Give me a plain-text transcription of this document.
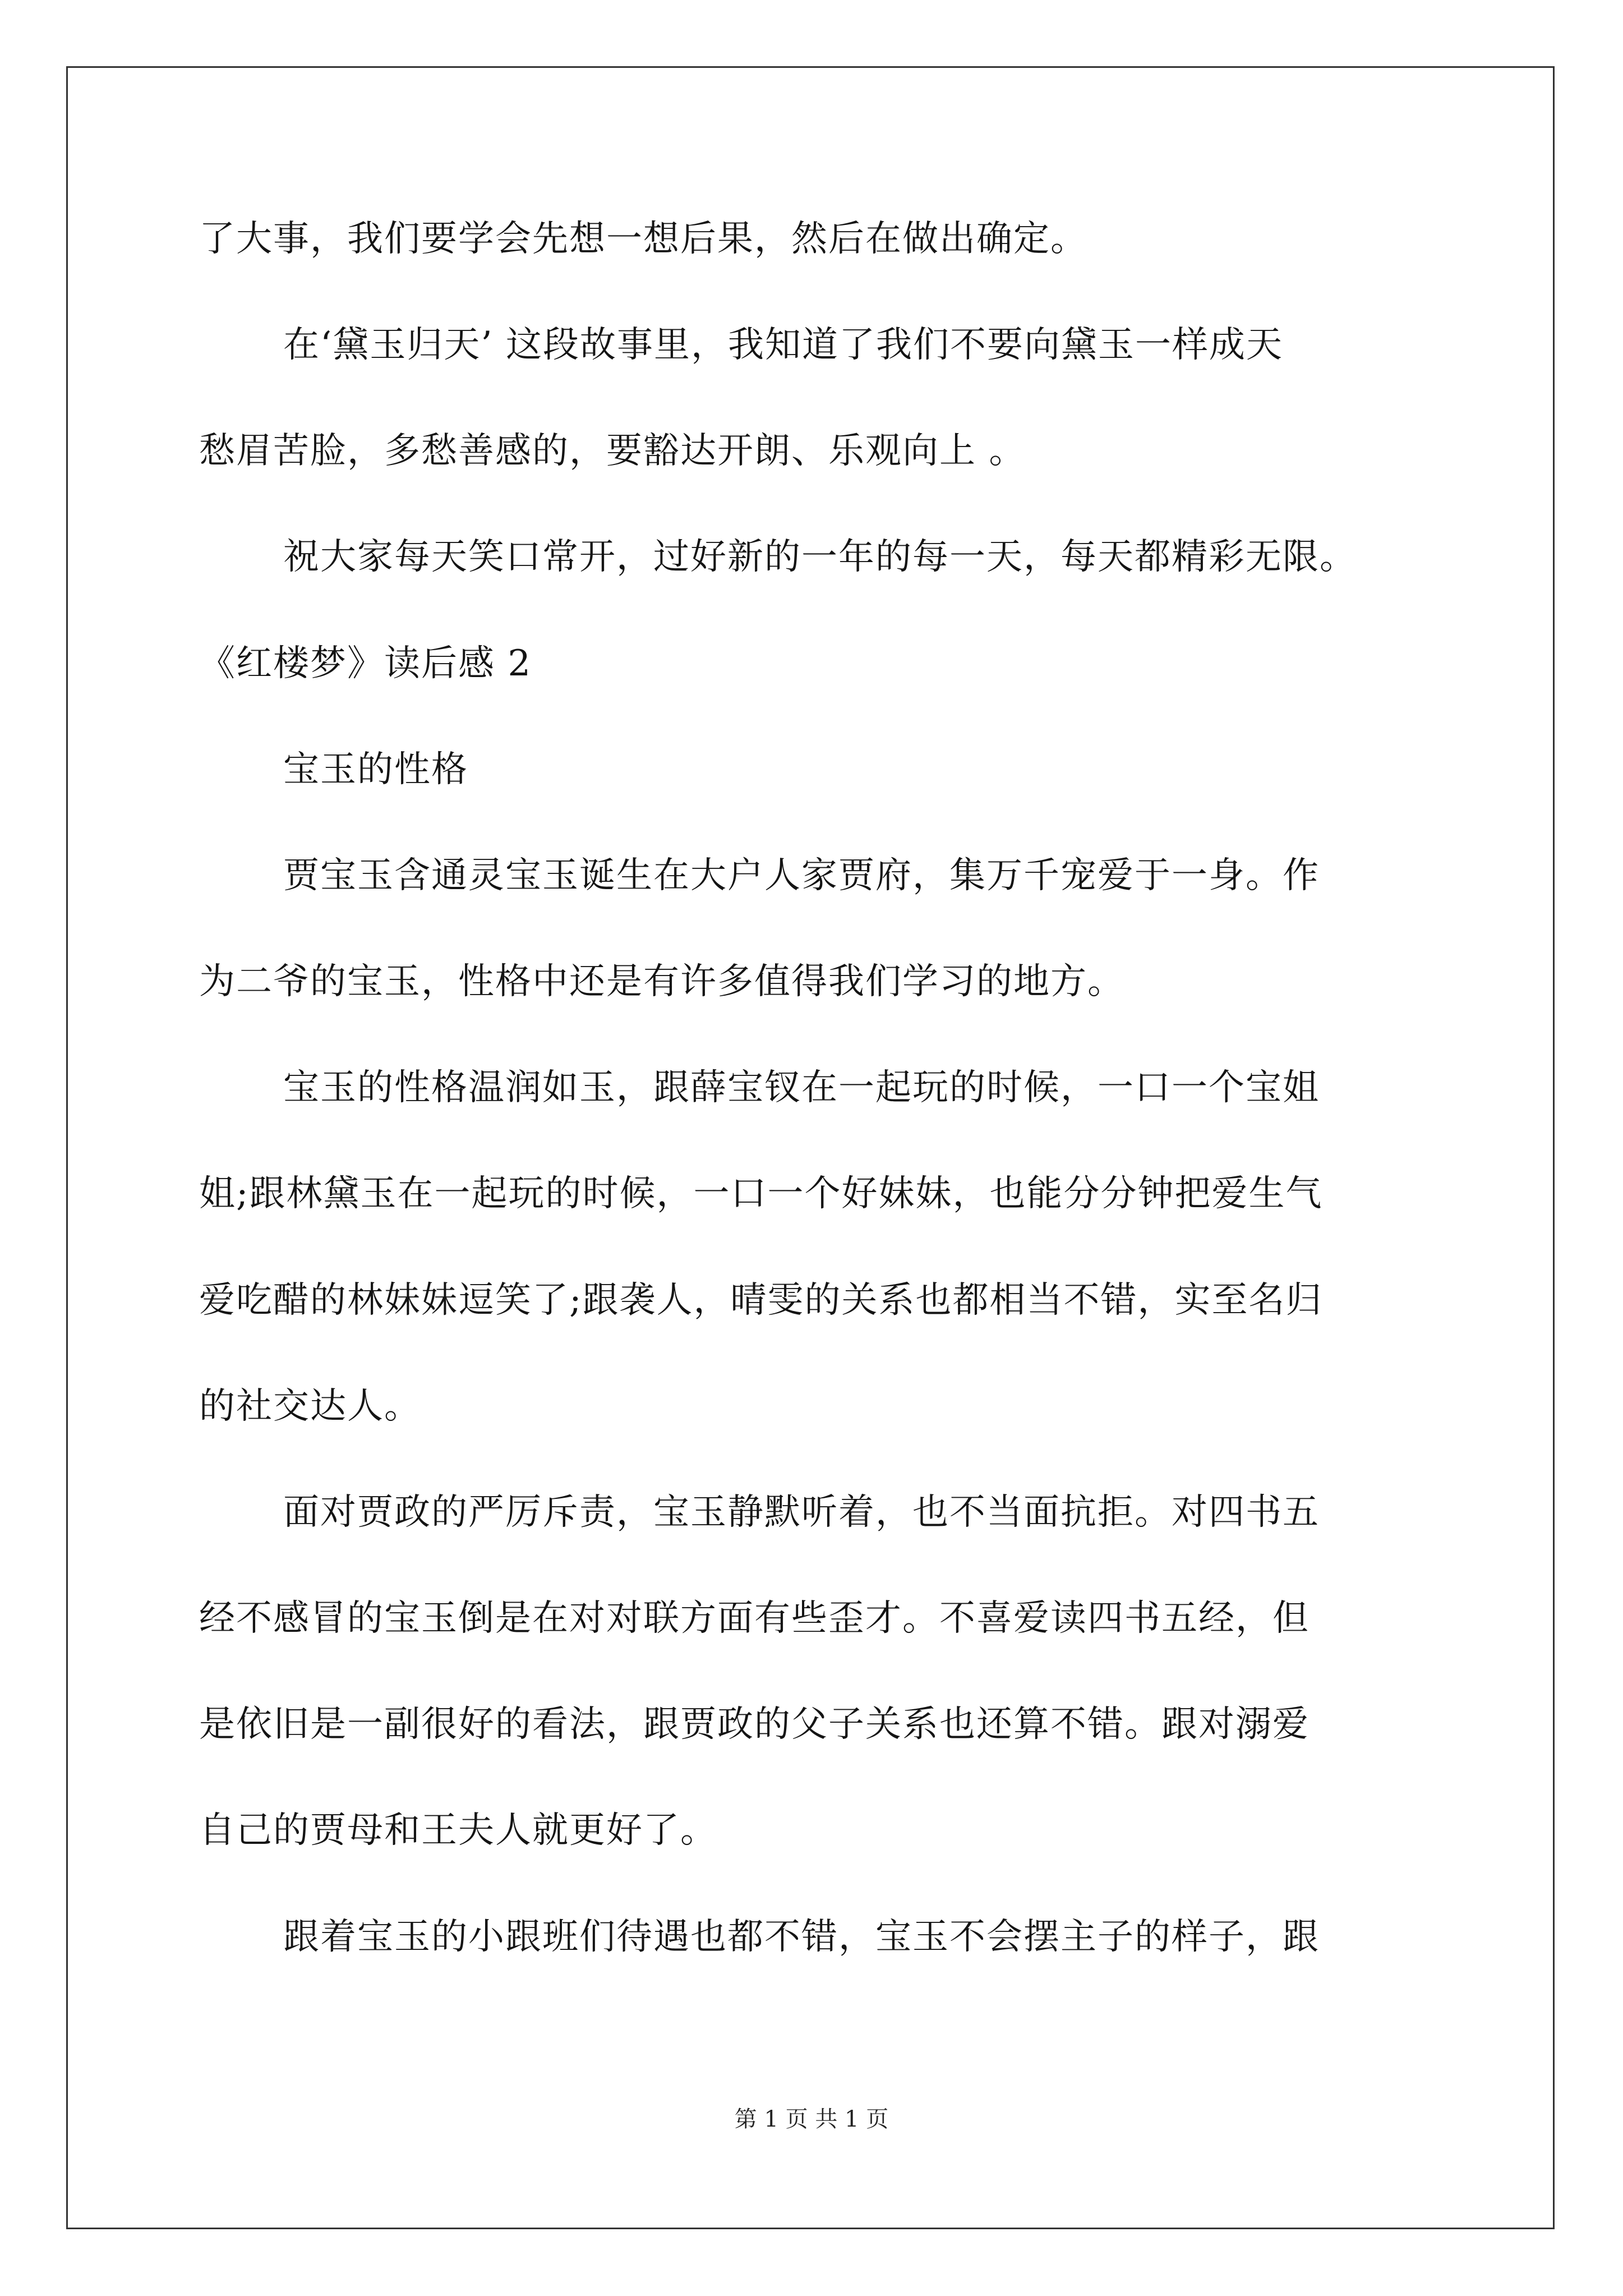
了大事，我们要学会先想一想后果，然后在做出确定。
在‘黛玉归天’ 这段故事里，我知道了我们不要向黛玉一样成天
愁眉苦脸，多愁善感的，要豁达开朗、乐观向上 。
祝大家每天笑口常开，过好新的一年的每一天，每天都精彩无限。
《红楼梦》读后感 2
宝玉的性格
贾宝玉含通灵宝玉诞生在大户人家贾府，集万千宠爱于一身。作
为二爷的宝玉，性格中还是有许多值得我们学习的地方。
宝玉的性格温润如玉，跟薛宝钗在一起玩的时候，一口一个宝姐
姐;跟林黛玉在一起玩的时候，一口一个好妹妹，也能分分钟把爱生气
爱吃醋的林妹妹逗笑了;跟袭人，晴雯的关系也都相当不错，实至名归
的社交达人。
面对贾政的严厉斥责，宝玉静默听着，也不当面抗拒。对四书五
经不感冒的宝玉倒是在对对联方面有些歪才。不喜爱读四书五经，但
是依旧是一副很好的看法，跟贾政的父子关系也还算不错。跟对溺爱
自己的贾母和王夫人就更好了。
跟着宝玉的小跟班们待遇也都不错，宝玉不会摆主子的样子，跟
第 1 页 共 1 页
